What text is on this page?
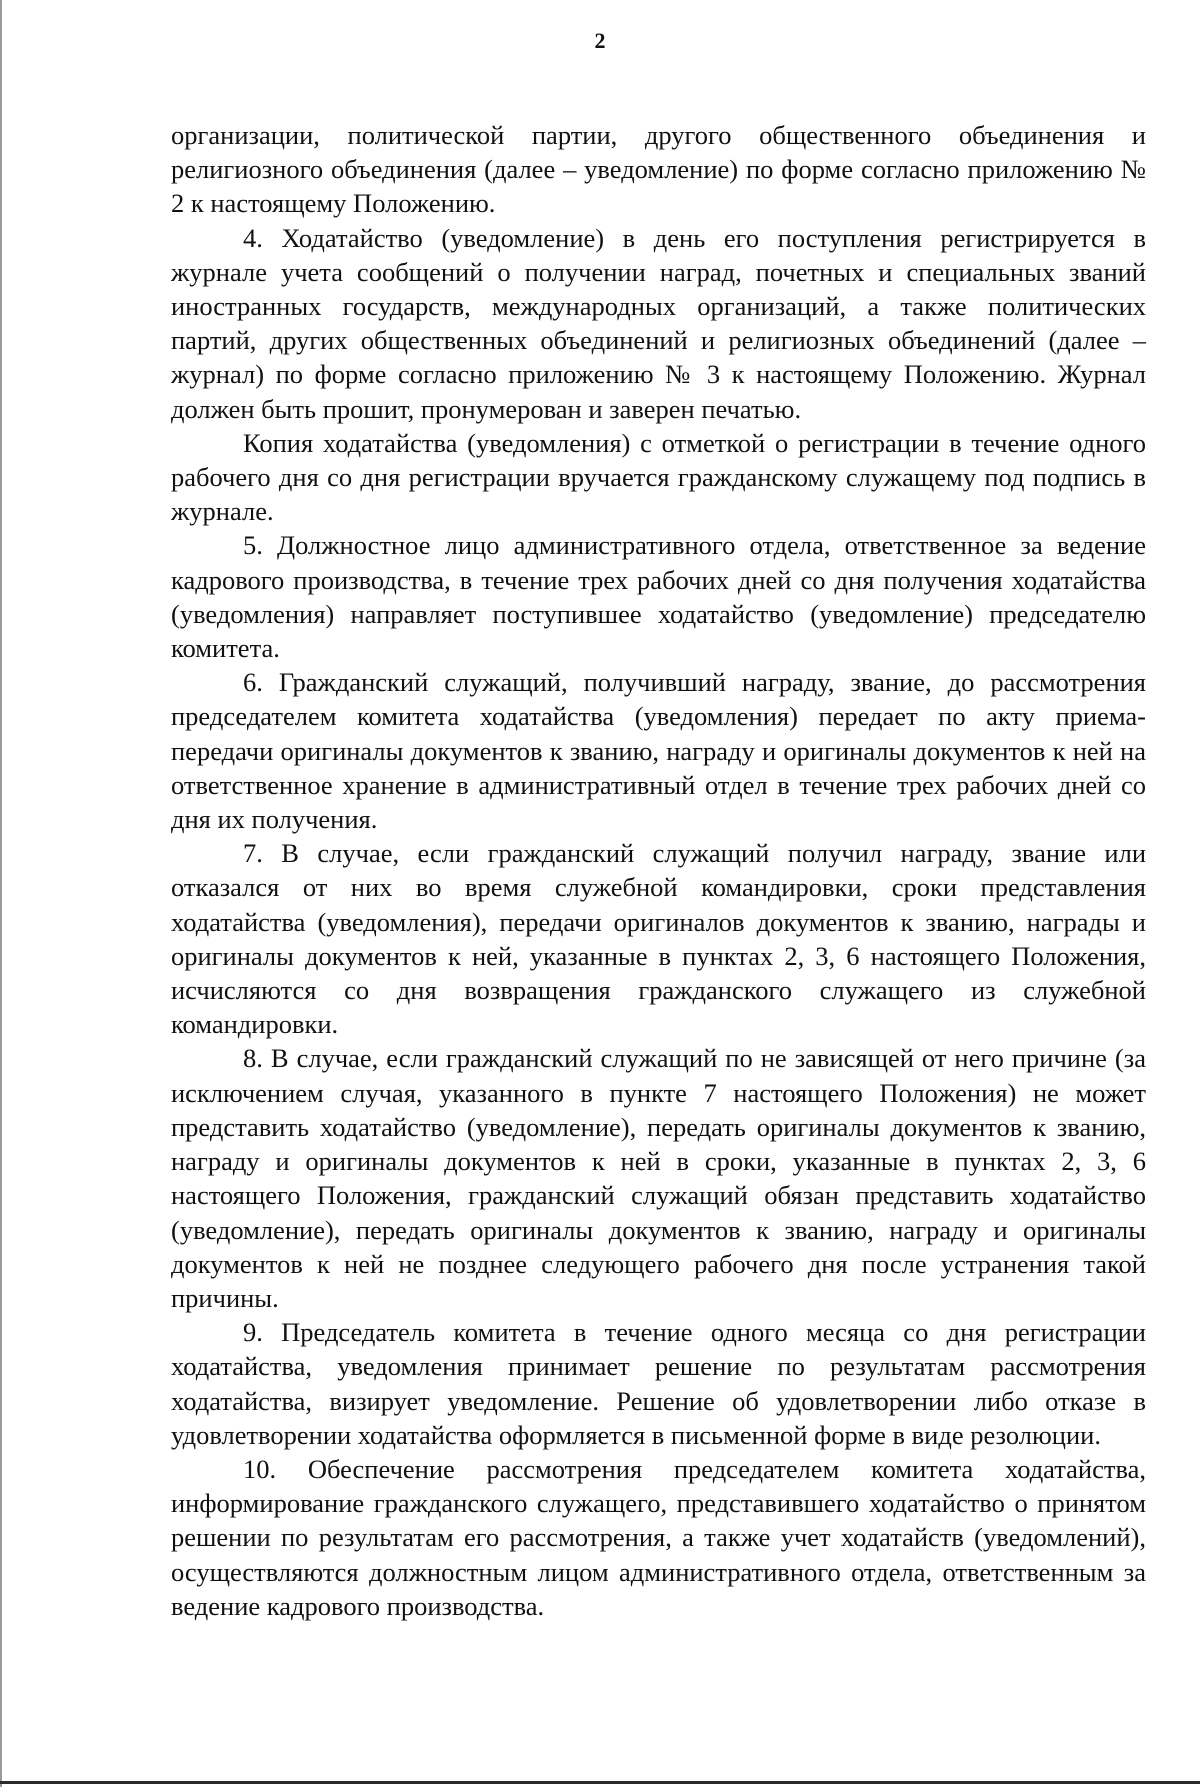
2

организации, политической партии, другого общественного объединения и религиозного объединения (далее – уведомление) по форме согласно приложению № 2 к настоящему Положению.

4. Ходатайство (уведомление) в день его поступления регистрируется в журнале учета сообщений о получении наград, почетных и специальных званий иностранных государств, международных организаций, а также политических партий, других общественных объединений и религиозных объединений (далее – журнал) по форме согласно приложению № 3 к настоящему Положению. Журнал должен быть прошит, пронумерован и заверен печатью.

Копия ходатайства (уведомления) с отметкой о регистрации в течение одного рабочего дня со дня регистрации вручается гражданскому служащему под подпись в журнале.

5. Должностное лицо административного отдела, ответственное за ведение кадрового производства, в течение трех рабочих дней со дня получения ходатайства (уведомления) направляет поступившее ходатайство (уведомление) председателю комитета.

6. Гражданский служащий, получивший награду, звание, до рассмотрения председателем комитета ходатайства (уведомления) передает по акту приема-передачи оригиналы документов к званию, награду и оригиналы документов к ней на ответственное хранение в административный отдел в течение трех рабочих дней со дня их получения.

7. В случае, если гражданский служащий получил награду, звание или отказался от них во время служебной командировки, сроки представления ходатайства (уведомления), передачи оригиналов документов к званию, награды и оригиналы документов к ней, указанные в пунктах 2, 3, 6 настоящего Положения, исчисляются со дня возвращения гражданского служащего из служебной командировки.

8. В случае, если гражданский служащий по не зависящей от него причине (за исключением случая, указанного в пункте 7 настоящего Положения) не может представить ходатайство (уведомление), передать оригиналы документов к званию, награду и оригиналы документов к ней в сроки, указанные в пунктах 2, 3, 6 настоящего Положения, гражданский служащий обязан представить ходатайство (уведомление), передать оригиналы документов к званию, награду и оригиналы документов к ней не позднее следующего рабочего дня после устранения такой причины.

9. Председатель комитета в течение одного месяца со дня регистрации ходатайства, уведомления принимает решение по результатам рассмотрения ходатайства, визирует уведомление. Решение об удовлетворении либо отказе в удовлетворении ходатайства оформляется в письменной форме в виде резолюции.

10. Обеспечение рассмотрения председателем комитета ходатайства, информирование гражданского служащего, представившего ходатайство о принятом решении по результатам его рассмотрения, а также учет ходатайств (уведомлений), осуществляются должностным лицом административного отдела, ответственным за ведение кадрового производства.
